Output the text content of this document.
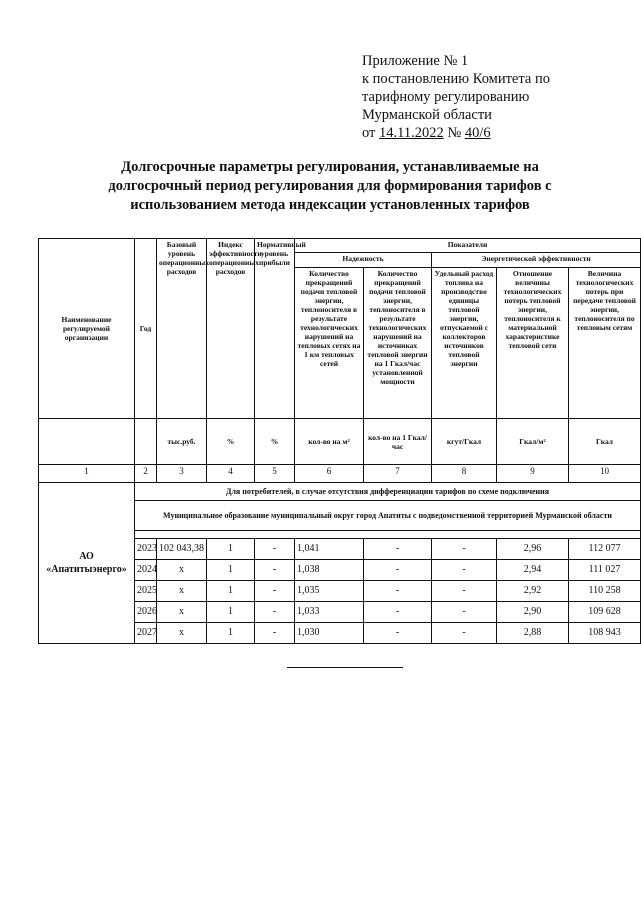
Приложение № 1
к постановлению Комитета по
тарифному регулированию
Мурманской области
от 14.11.2022 № 40/6
Долгосрочные параметры регулирования, устанавливаемые на
долгосрочный период регулирования для формирования тарифов с
использованием метода индексации установленных тарифов
Наименование регулируемой организации	Год	Базовый уровень операционных расходов	Индекс эффективности операционных расходов	Нормативный уровень прибыли	Показатели				
					Надежность		Энергетической эффективности		
					Количество прекращений подачи тепловой энергии, теплоносителя в результате технологических нарушений на тепловых сетях на 1 км тепловых сетей	Количество прекращений подачи тепловой энергии, теплоносителя в результате технологических нарушений на источниках тепловой энергии на 1 Гкал/час установленной мощности	Удельный расход топлива на производство единицы тепловой энергии, отпускаемой с коллекторов источников тепловой энергии	Отношение величины технологических потерь тепловой энергии, теплоносителя к материальной характеристике тепловой сети	Величина технологических потерь при передаче тепловой энергии, теплоносителя по тепловым сетям
		тыс.руб.	%	%	кол-во на м²	кол-во на 1 Гкал/час	кгут/Гкал	Гкал/м²	Гкал
1	2	3	4	5	6	7	8	9	10
АО «Апатитыэнерго»	Для потребителей, в случае отсутствия дифференциации тарифов по схеме подключения								
	Муниципальное образование муниципальный округ город Апатиты с подведомственной территорией Мурманской области								

	2023	102 043,38	1	-	1,041	-	-	2,96	112 077
	2024	x	1	-	1,038	-	-	2,94	111 027
	2025	x	1	-	1,035	-	-	2,92	110 258
	2026	x	1	-	1,033	-	-	2,90	109 628
	2027	x	1	-	1,030	-	-	2,88	108 943
